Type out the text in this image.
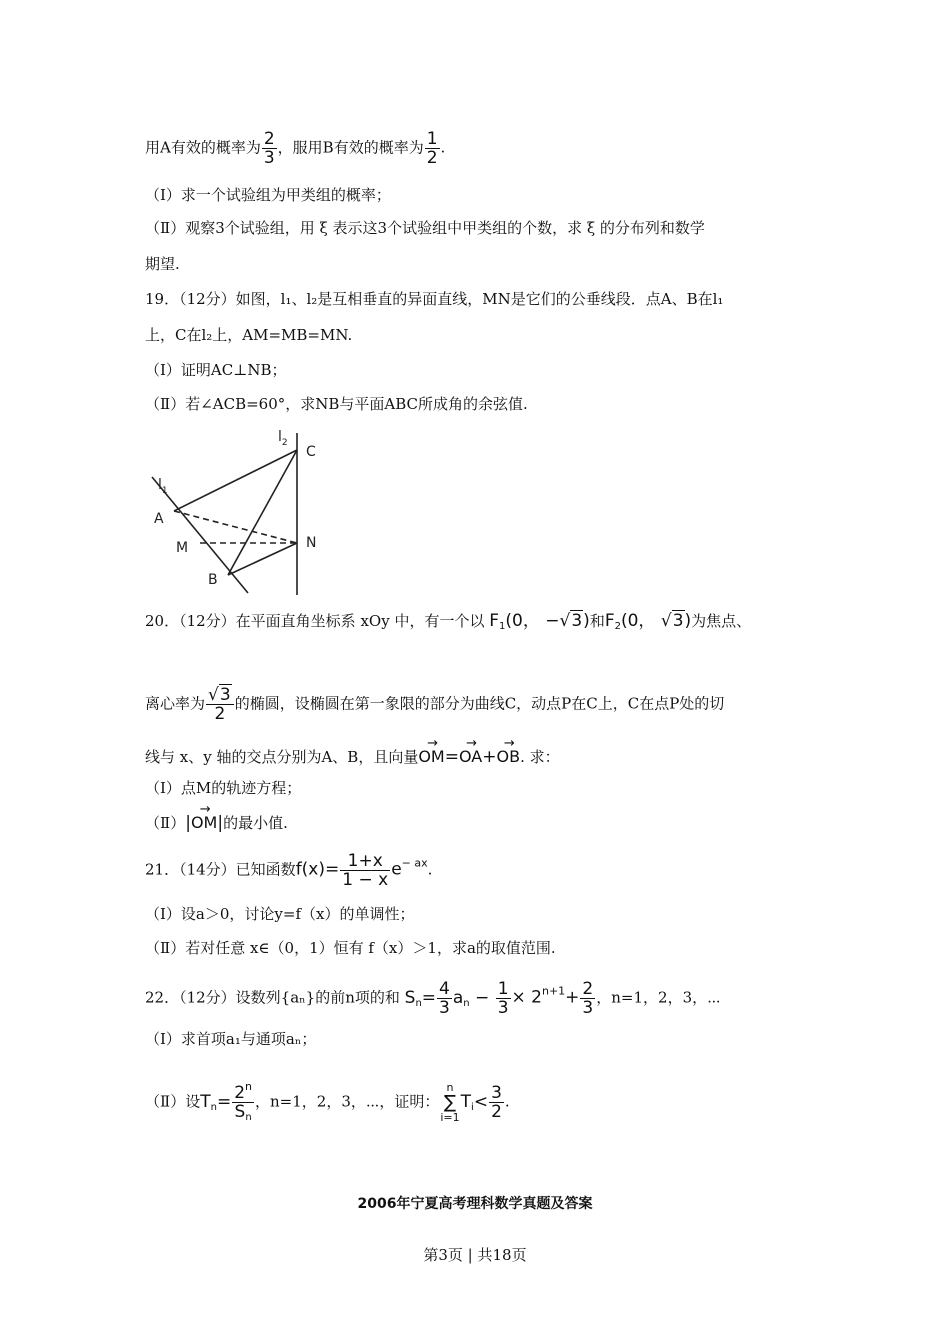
用A有效的概率为 $\frac{2}{3}$ ，服用B有效的概率为 $\frac{1}{2}$ .
（Ⅰ）求一个试验组为甲类组的概率；
（Ⅱ）观察3个试验组，用 ξ 表示这3个试验组中甲类组的个数，求 ξ 的分布列和数学
期望.
19．（12分）如图，l₁、l₂是互相垂直的异面直线，MN是它们的公垂线段．点A、B在l₁
上，C在l₂上，AM=MB=MN.
（Ⅰ）证明AC⊥NB；
（Ⅱ）若∠ACB=60°，求NB与平面ABC所成角的余弦值.
$l_1$
$l_2$
C
A
M	N
B
20．（12分）在平面直角坐标系 xOy 中，有一个以 $F_1(0$， −√3)和$F_2(0$， √3)为焦点、
离心率为 $\frac{√3}{2}$ 的椭圆，设椭圆在第一象限的部分为曲线C，动点P在C上，C在点P处的切
线与 x、y 轴的交点分别为A、B，且向量→ OM=→ OA+→ OB. 求：
（Ⅰ）点M的轨迹方程；
（Ⅱ）|→ OM|的最小值.
21．（14分）已知函数$f(x)= \frac{1+x}{1 - x} e^{- ax}$.
（Ⅰ）设a＞0，讨论y=f（x）的单调性；
（Ⅱ）若对任意 x∈（0，1）恒有 f（x）＞1，求a的取值范围.
22．（12分）设数列{aₙ}的前n项的和 $S_n= \frac{4}{3} a_n - \frac{1}{3} \times 2^{n+1}+ \frac{2}{3}$ ，n=1，2，3，⋯
（Ⅰ）求首项a₁与通项aₙ；
（Ⅱ）设$T_n= \frac{2^n}{S_n}$ ，n=1，2，3，⋯，证明：
n
∑
i=1
$T_i< \frac{3}{2}$ .
2006年宁夏高考理科数学真题及答案
第3页 | 共18页
